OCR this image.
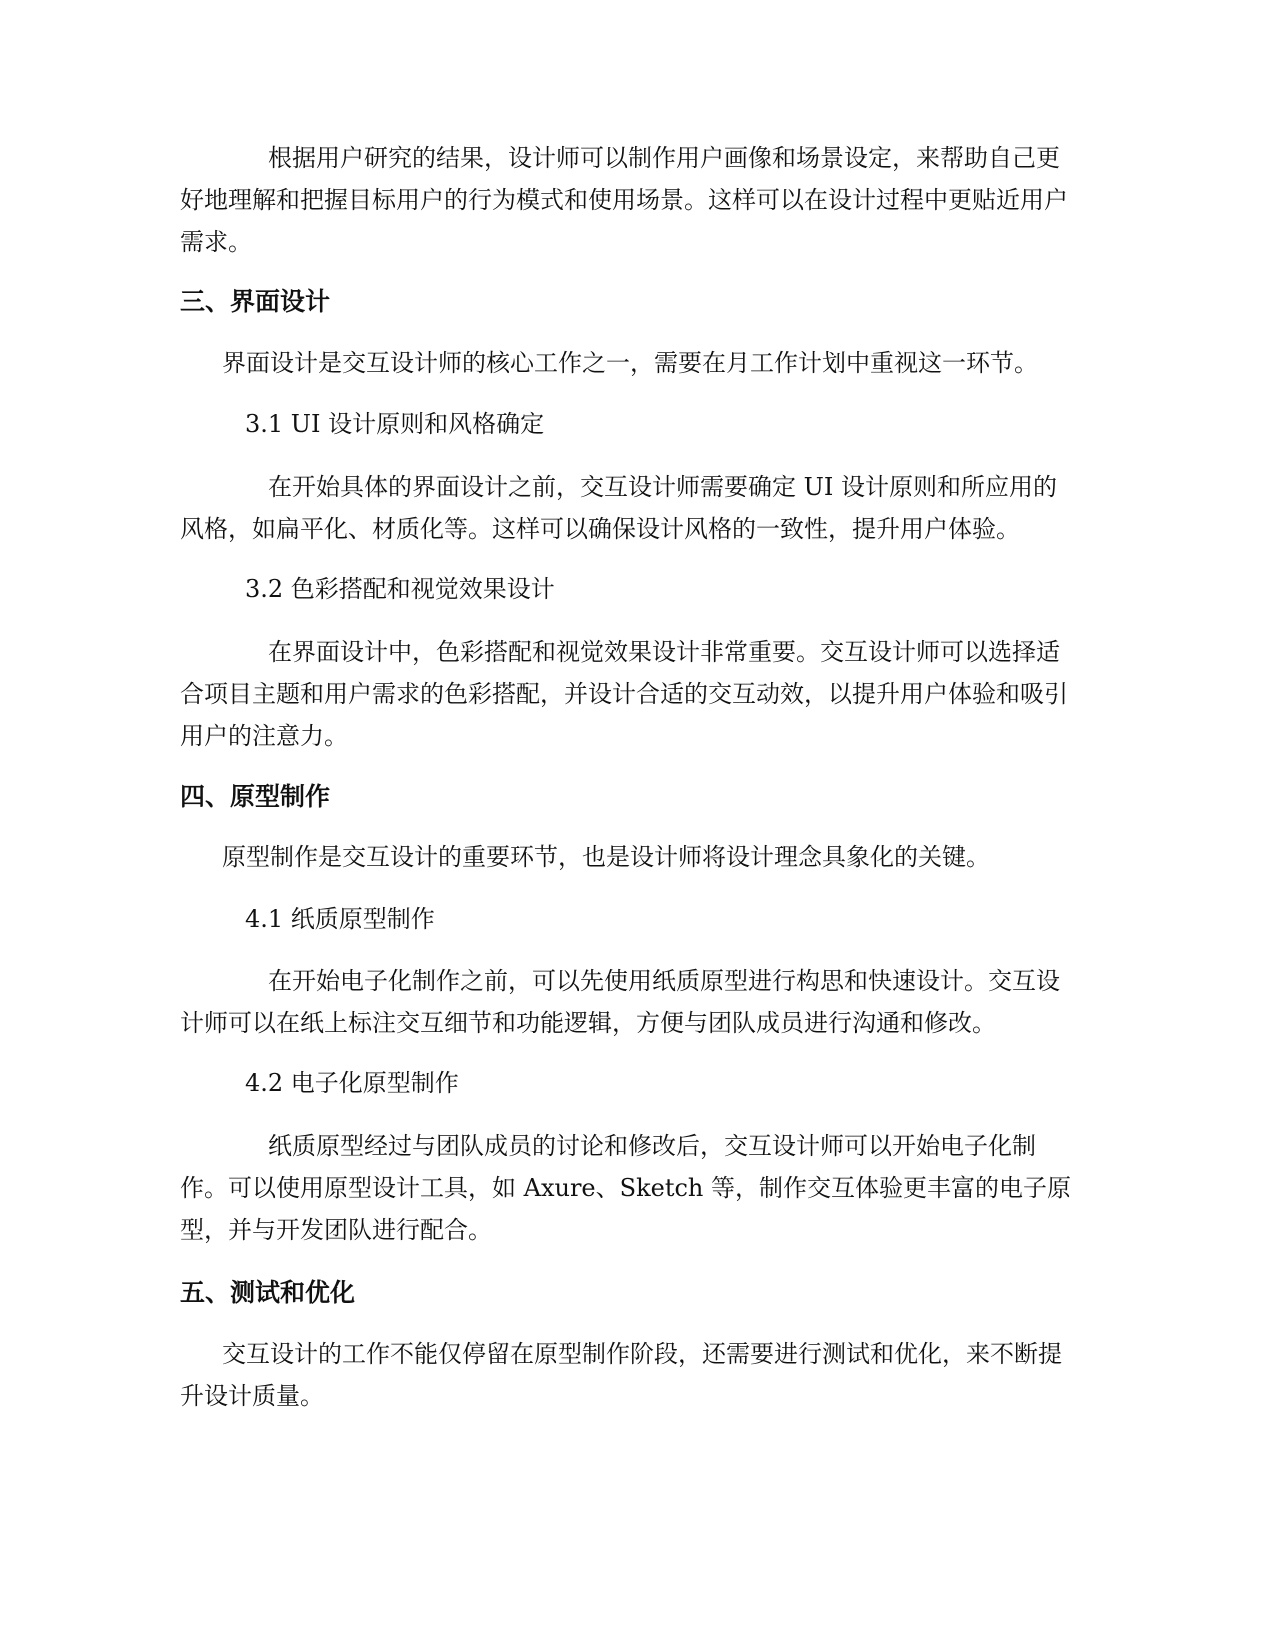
根据用户研究的结果，设计师可以制作用户画像和场景设定，来帮助自己更好地理解和把握目标用户的行为模式和使用场景。这样可以在设计过程中更贴近用户需求。

三、界面设计

界面设计是交互设计师的核心工作之一，需要在月工作计划中重视这一环节。

3.1 UI 设计原则和风格确定

在开始具体的界面设计之前，交互设计师需要确定 UI 设计原则和所应用的风格，如扁平化、材质化等。这样可以确保设计风格的一致性，提升用户体验。

3.2 色彩搭配和视觉效果设计

在界面设计中，色彩搭配和视觉效果设计非常重要。交互设计师可以选择适合项目主题和用户需求的色彩搭配，并设计合适的交互动效，以提升用户体验和吸引用户的注意力。

四、原型制作

原型制作是交互设计的重要环节，也是设计师将设计理念具象化的关键。

4.1 纸质原型制作

在开始电子化制作之前，可以先使用纸质原型进行构思和快速设计。交互设计师可以在纸上标注交互细节和功能逻辑，方便与团队成员进行沟通和修改。

4.2 电子化原型制作

纸质原型经过与团队成员的讨论和修改后，交互设计师可以开始电子化制作。可以使用原型设计工具，如 Axure、Sketch 等，制作交互体验更丰富的电子原型，并与开发团队进行配合。

五、测试和优化

交互设计的工作不能仅停留在原型制作阶段，还需要进行测试和优化，来不断提升设计质量。
